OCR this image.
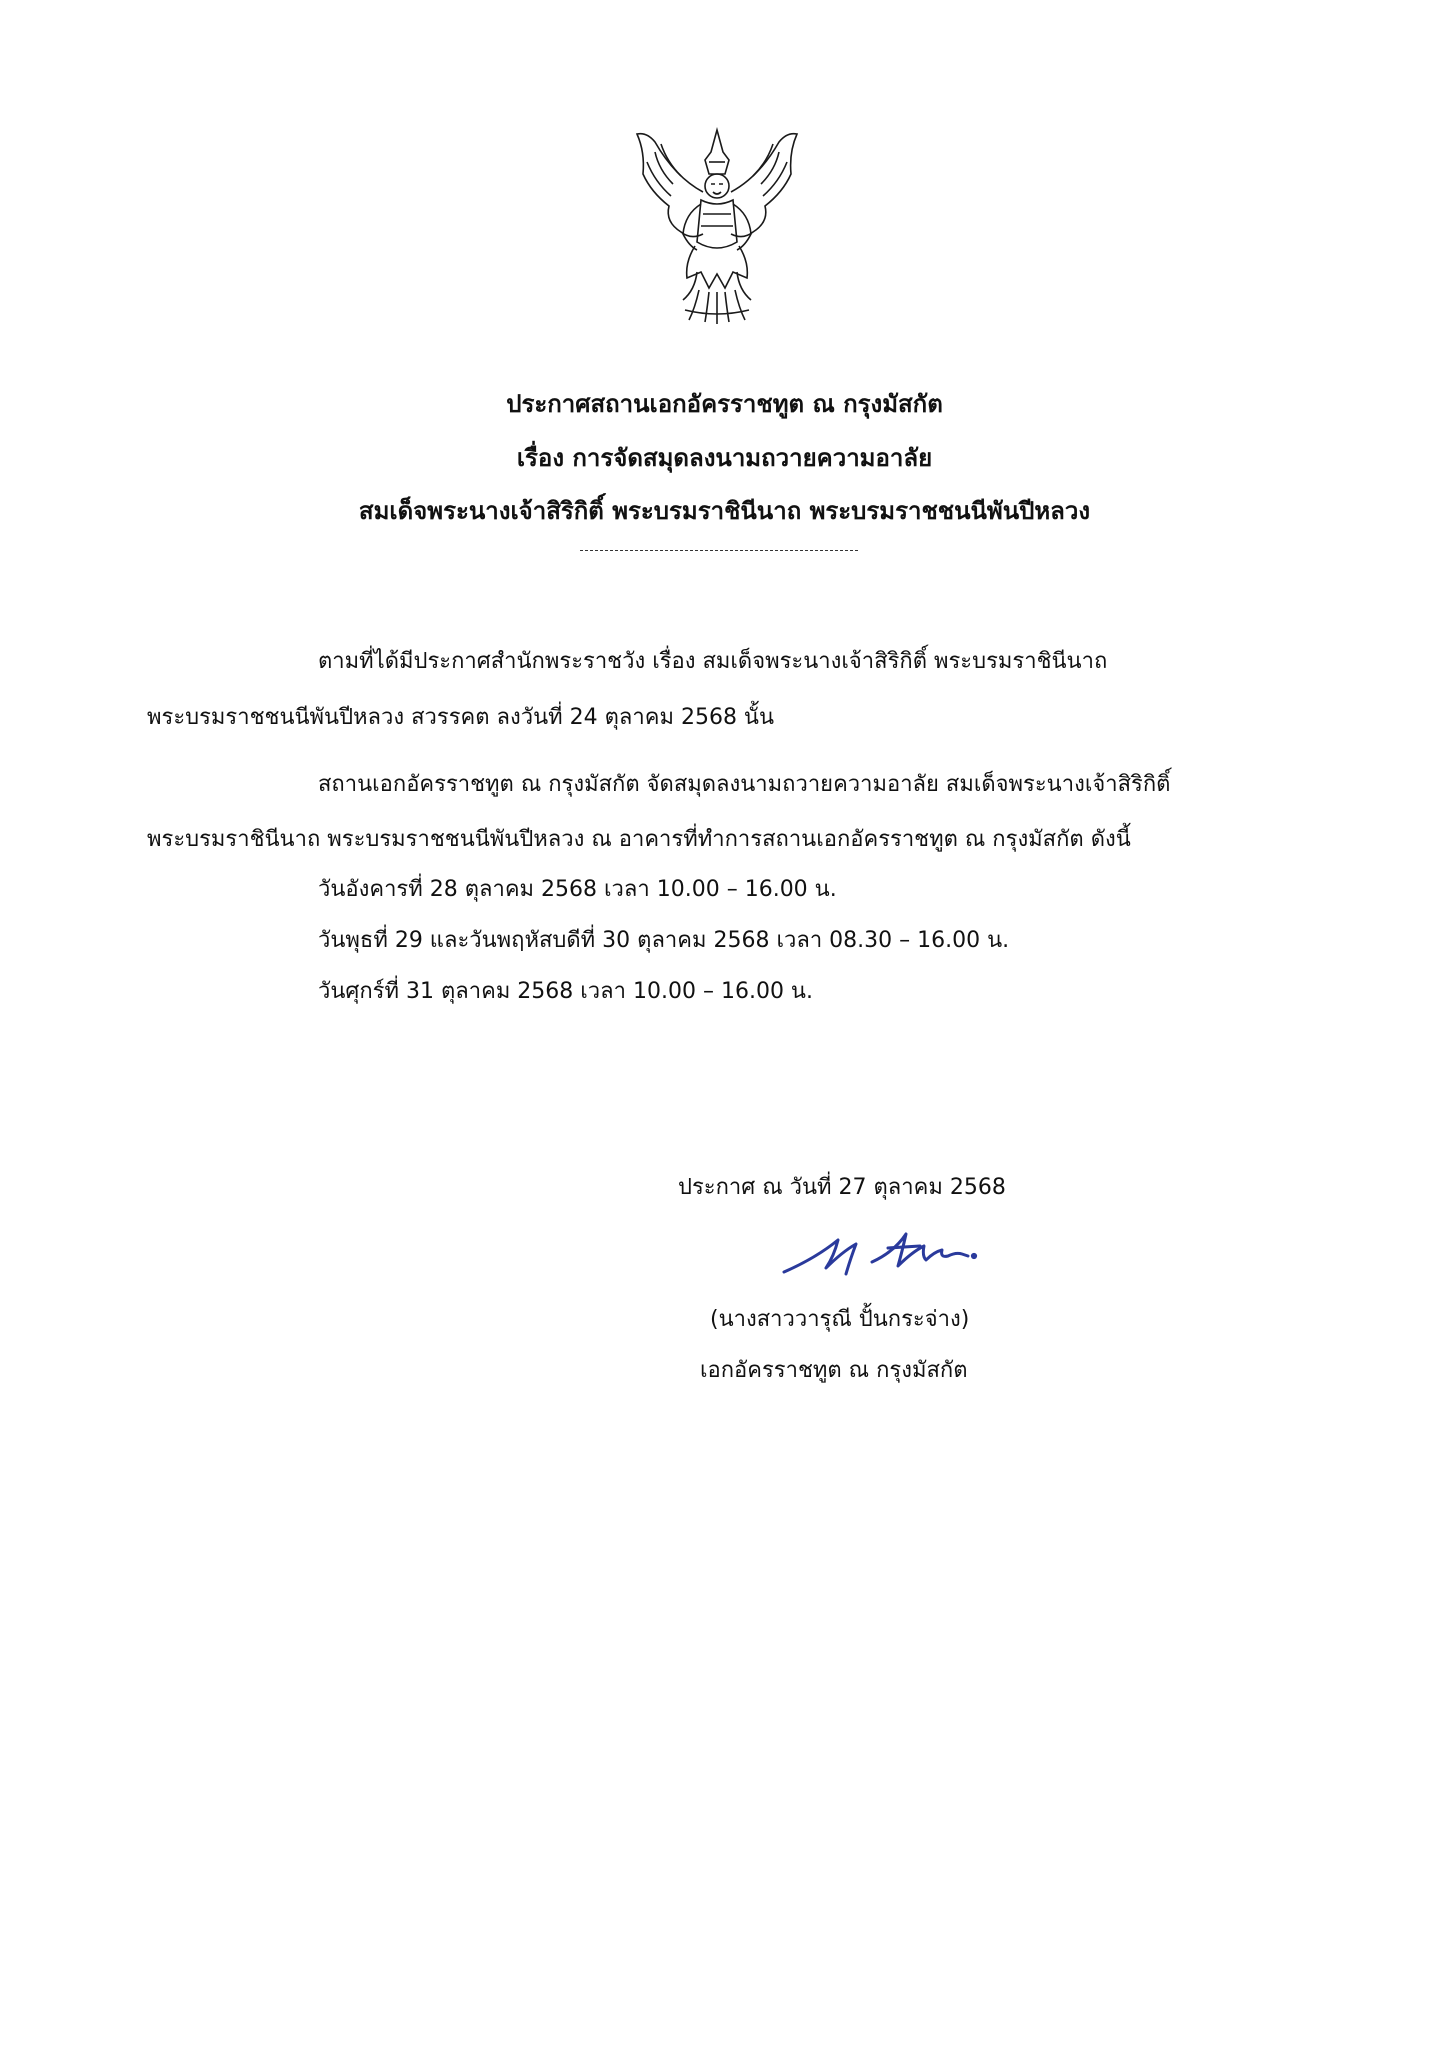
ประกาศสถานเอกอัครราชทูต ณ กรุงมัสกัต
เรื่อง การจัดสมุดลงนามถวายความอาลัย
สมเด็จพระนางเจ้าสิริกิติ์ พระบรมราชินีนาถ พระบรมราชชนนีพันปีหลวง
ตามที่ได้มีประกาศสำนักพระราชวัง เรื่อง สมเด็จพระนางเจ้าสิริกิติ์ พระบรมราชินีนาถ
พระบรมราชชนนีพันปีหลวง สวรรคต ลงวันที่ 24 ตุลาคม 2568 นั้น
สถานเอกอัครราชทูต ณ กรุงมัสกัต จัดสมุดลงนามถวายความอาลัย สมเด็จพระนางเจ้าสิริกิติ์
พระบรมราชินีนาถ พระบรมราชชนนีพันปีหลวง ณ อาคารที่ทำการสถานเอกอัครราชทูต ณ กรุงมัสกัต ดังนี้
วันอังคารที่ 28 ตุลาคม 2568 เวลา 10.00 – 16.00 น.
วันพุธที่ 29 และวันพฤหัสบดีที่ 30 ตุลาคม 2568 เวลา 08.30 – 16.00 น.
วันศุกร์ที่ 31 ตุลาคม 2568 เวลา 10.00 – 16.00 น.
ประกาศ ณ วันที่ 27 ตุลาคม 2568
(นางสาววารุณี ปั้นกระจ่าง)
เอกอัครราชทูต ณ กรุงมัสกัต
